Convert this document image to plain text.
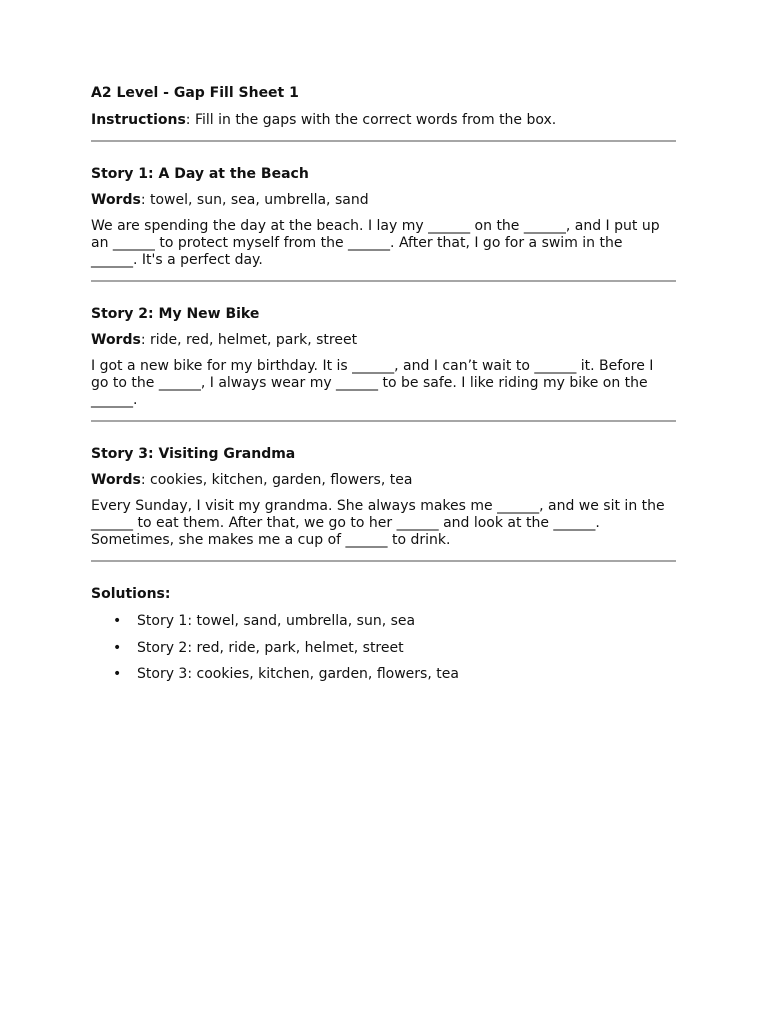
A2 Level - Gap Fill Sheet 1

Instructions: Fill in the gaps with the correct words from the box.

Story 1: A Day at the Beach

Words: towel, sun, sea, umbrella, sand

We are spending the day at the beach. I lay my ______ on the ______, and I put up
an ______ to protect myself from the ______. After that, I go for a swim in the
______. It's a perfect day.

Story 2: My New Bike

Words: ride, red, helmet, park, street

I got a new bike for my birthday. It is ______, and I can’t wait to ______ it. Before I
go to the ______, I always wear my ______ to be safe. I like riding my bike on the
______.

Story 3: Visiting Grandma

Words: cookies, kitchen, garden, flowers, tea

Every Sunday, I visit my grandma. She always makes me ______, and we sit in the
______ to eat them. After that, we go to her ______ and look at the ______.
Sometimes, she makes me a cup of ______ to drink.

Solutions:

• Story 1: towel, sand, umbrella, sun, sea
• Story 2: red, ride, park, helmet, street
• Story 3: cookies, kitchen, garden, flowers, tea
